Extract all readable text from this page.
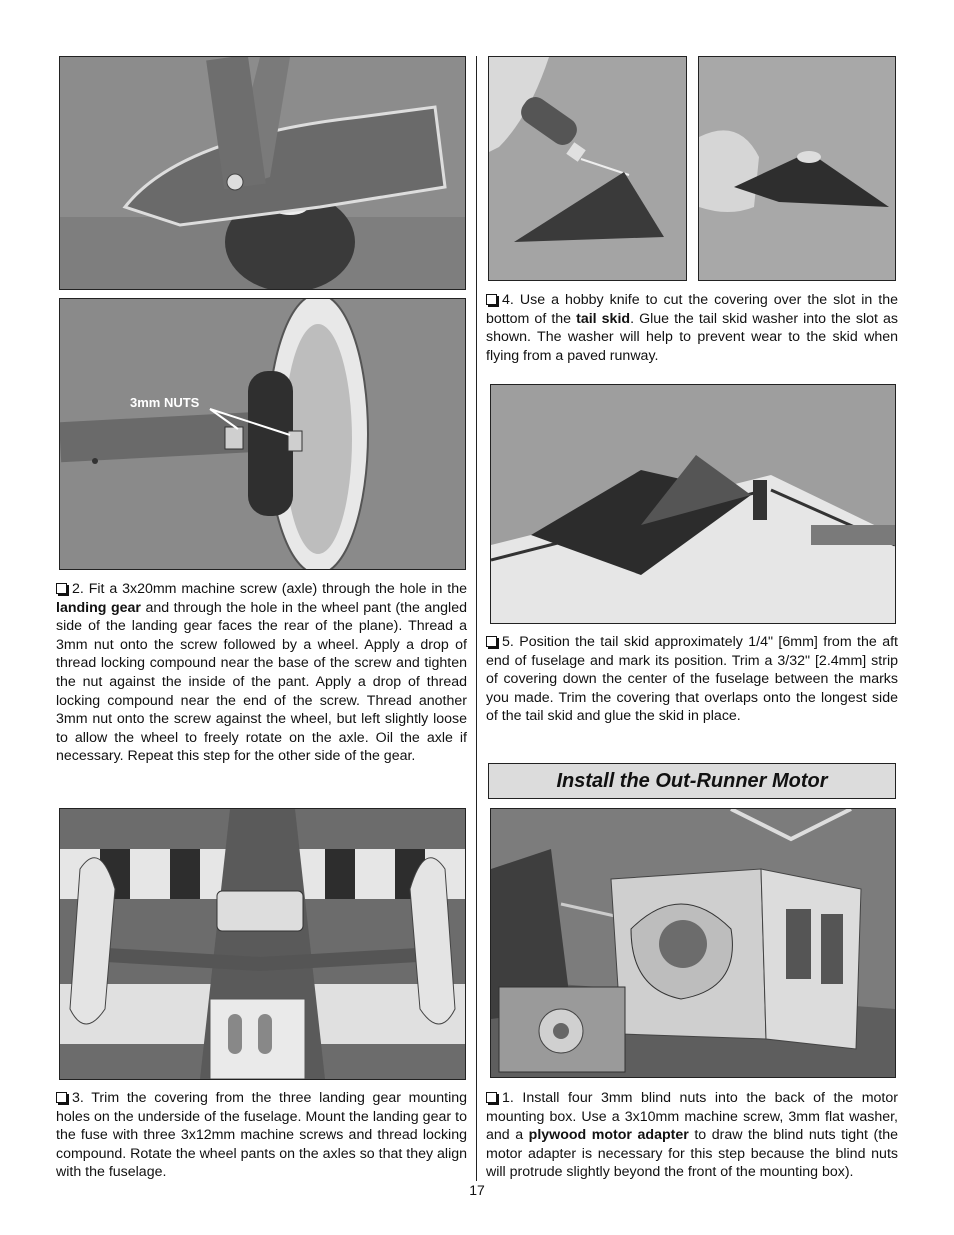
3mm NUTS

2. Fit a 3x20mm machine screw (axle) through the hole in the landing gear and through the hole in the wheel pant (the angled side of the landing gear faces the rear of the plane). Thread a 3mm nut onto the screw followed by a wheel. Apply a drop of thread locking compound near the base of the screw and tighten the nut against the inside of the pant. Apply a drop of thread locking compound near the end of the screw. Thread another 3mm nut onto the screw against the wheel, but left slightly loose to allow the wheel to freely rotate on the axle. Oil the axle if necessary. Repeat this step for the other side of the gear.

3. Trim the covering from the three landing gear mounting holes on the underside of the fuselage. Mount the landing gear to the fuse with three 3x12mm machine screws and thread locking compound. Rotate the wheel pants on the axles so that they align with the fuselage.

4. Use a hobby knife to cut the covering over the slot in the bottom of the tail skid. Glue the tail skid washer into the slot as shown. The washer will help to prevent wear to the skid when flying from a paved runway.

5. Position the tail skid approximately 1/4" [6mm] from the aft end of fuselage and mark its position. Trim a 3/32" [2.4mm] strip of covering down the center of the fuselage between the marks you made. Trim the covering that overlaps onto the longest side of the tail skid and glue the skid in place.

Install the Out-Runner Motor

1. Install four 3mm blind nuts into the back of the motor mounting box. Use a 3x10mm machine screw, 3mm flat washer, and a plywood motor adapter to draw the blind nuts tight (the motor adapter is necessary for this step because the blind nuts will protrude slightly beyond the front of the mounting box).

17
